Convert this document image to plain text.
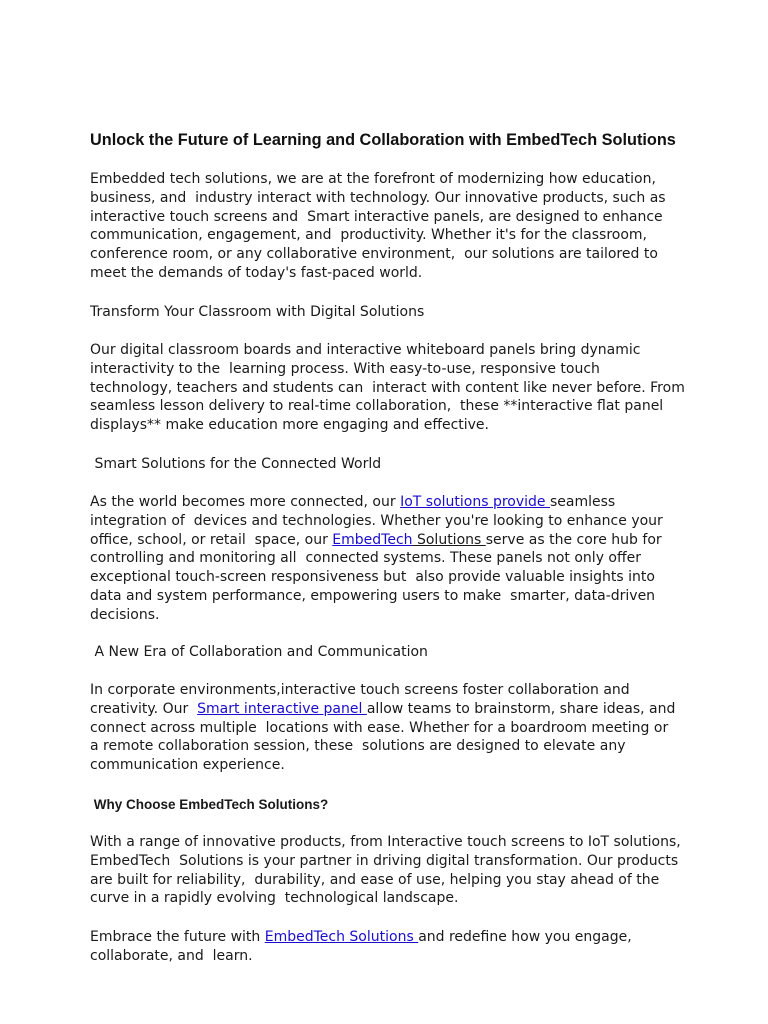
Unlock the Future of Learning and Collaboration with EmbedTech Solutions
Embedded tech solutions, we are at the forefront of modernizing how education,
business, and  industry interact with technology. Our innovative products, such as
interactive touch screens and  Smart interactive panels, are designed to enhance
communication, engagement, and  productivity. Whether it's for the classroom,
conference room, or any collaborative environment,  our solutions are tailored to
meet the demands of today's fast-paced world.
Transform Your Classroom with Digital Solutions
Our digital classroom boards and interactive whiteboard panels bring dynamic
interactivity to the  learning process. With easy-to-use, responsive touch
technology, teachers and students can  interact with content like never before. From
seamless lesson delivery to real-time collaboration,  these **interactive flat panel
displays** make education more engaging and effective.
Smart Solutions for the Connected World
As the world becomes more connected, our IoT solutions provide seamless
integration of  devices and technologies. Whether you're looking to enhance your
office, school, or retail  space, our EmbedTech Solutions serve as the core hub for
controlling and monitoring all  connected systems. These panels not only offer
exceptional touch-screen responsiveness but  also provide valuable insights into
data and system performance, empowering users to make  smarter, data-driven
decisions.
A New Era of Collaboration and Communication
In corporate environments,interactive touch screens foster collaboration and
creativity. Our  Smart interactive panel allow teams to brainstorm, share ideas, and
connect across multiple  locations with ease. Whether for a boardroom meeting or
a remote collaboration session, these  solutions are designed to elevate any
communication experience.
Why Choose EmbedTech Solutions?
With a range of innovative products, from Interactive touch screens to IoT solutions,
EmbedTech  Solutions is your partner in driving digital transformation. Our products
are built for reliability,  durability, and ease of use, helping you stay ahead of the
curve in a rapidly evolving  technological landscape.
Embrace the future with EmbedTech Solutions and redefine how you engage,
collaborate, and  learn.
